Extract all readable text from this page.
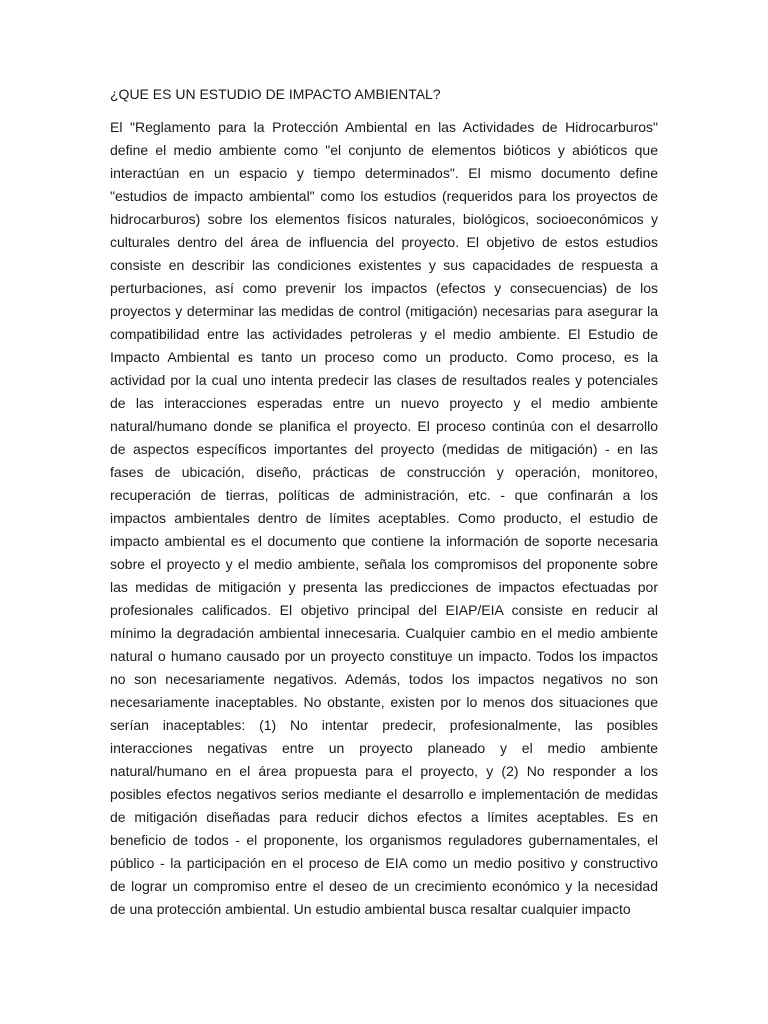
¿QUE ES UN ESTUDIO DE IMPACTO AMBIENTAL?
El "Reglamento para la Protección Ambiental en las Actividades de Hidrocarburos"
define el medio ambiente como "el conjunto de elementos bióticos y abióticos que
interactúan en un espacio y tiempo determinados". El mismo documento define
"estudios de impacto ambiental" como los estudios (requeridos para los proyectos de
hidrocarburos) sobre los elementos físicos naturales, biológicos, socioeconómicos y
culturales dentro del área de influencia del proyecto. El objetivo de estos estudios
consiste en describir las condiciones existentes y sus capacidades de respuesta a
perturbaciones, así como prevenir los impactos (efectos y consecuencias) de los
proyectos y determinar las medidas de control (mitigación) necesarias para asegurar la
compatibilidad entre las actividades petroleras y el medio ambiente. El Estudio de
Impacto Ambiental es tanto un proceso como un producto. Como proceso, es la
actividad por la cual uno intenta predecir las clases de resultados reales y potenciales
de las interacciones esperadas entre un nuevo proyecto y el medio ambiente
natural/humano donde se planifica el proyecto. El proceso continúa con el desarrollo
de aspectos específicos importantes del proyecto (medidas de mitigación) - en las
fases de ubicación, diseño, prácticas de construcción y operación, monitoreo,
recuperación de tierras, políticas de administración, etc. - que confinarán a los
impactos ambientales dentro de límites aceptables. Como producto, el estudio de
impacto ambiental es el documento que contiene la información de soporte necesaria
sobre el proyecto y el medio ambiente, señala los compromisos del proponente sobre
las medidas de mitigación y presenta las predicciones de impactos efectuadas por
profesionales calificados. El objetivo principal del EIAP/EIA consiste en reducir al
mínimo la degradación ambiental innecesaria. Cualquier cambio en el medio ambiente
natural o humano causado por un proyecto constituye un impacto. Todos los impactos
no son necesariamente negativos. Además, todos los impactos negativos no son
necesariamente inaceptables. No obstante, existen por lo menos dos situaciones que
serían inaceptables: (1) No intentar predecir, profesionalmente, las posibles
interacciones negativas entre un proyecto planeado y el medio ambiente
natural/humano en el área propuesta para el proyecto, y (2) No responder a los
posibles efectos negativos serios mediante el desarrollo e implementación de medidas
de mitigación diseñadas para reducir dichos efectos a límites aceptables. Es en
beneficio de todos - el proponente, los organismos reguladores gubernamentales, el
público - la participación en el proceso de EIA como un medio positivo y constructivo
de lograr un compromiso entre el deseo de un crecimiento económico y la necesidad
de una protección ambiental. Un estudio ambiental busca resaltar cualquier impacto
